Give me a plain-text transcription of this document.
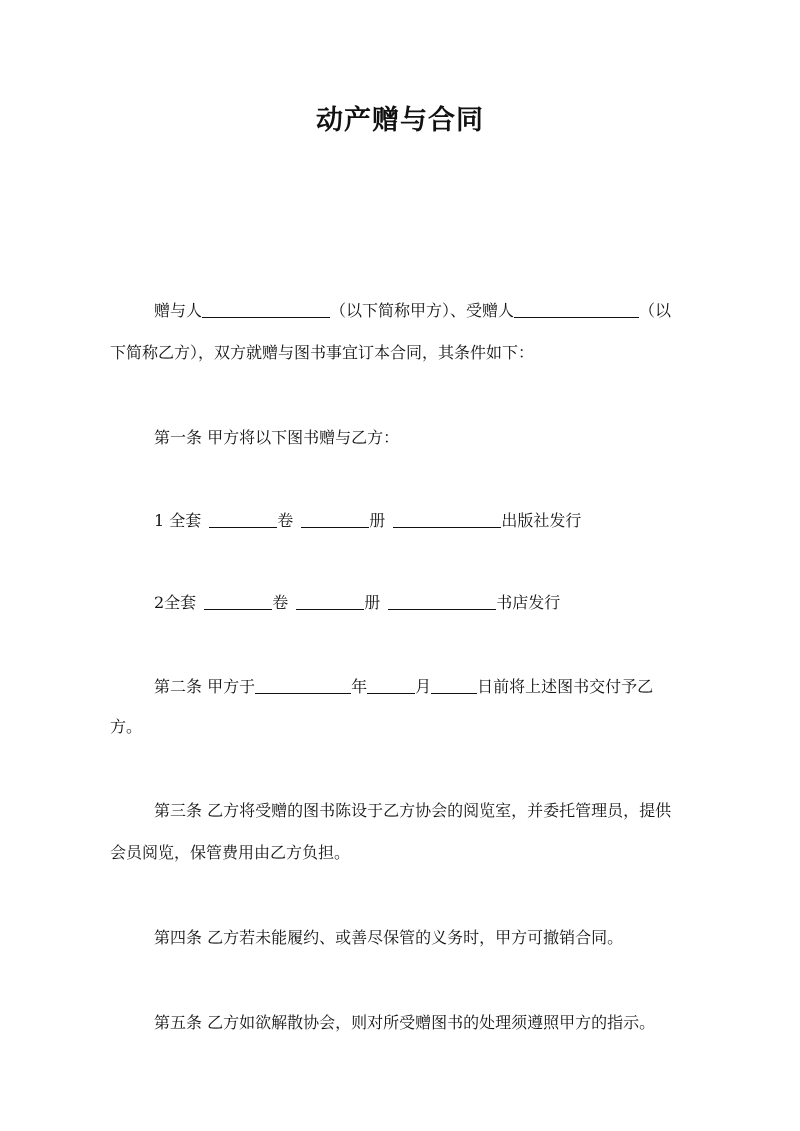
动产赠与合同
赠与人	（以下简称甲方）、受赠人	（以
下简称乙方），双方就赠与图书事宜订本合同，其条件如下：
第一条 甲方将以下图书赠与乙方：
1 全套	卷	册	出版社发行
2全套	卷	册	书店发行
第二条 甲方于	年	月	日前将上述图书交付予乙
方。
第三条 乙方将受赠的图书陈设于乙方协会的阅览室，并委托管理员，提供
会员阅览，保管费用由乙方负担。
第四条 乙方若未能履约、或善尽保管的义务时，甲方可撤销合同。
第五条 乙方如欲解散协会，则对所受赠图书的处理须遵照甲方的指示。
